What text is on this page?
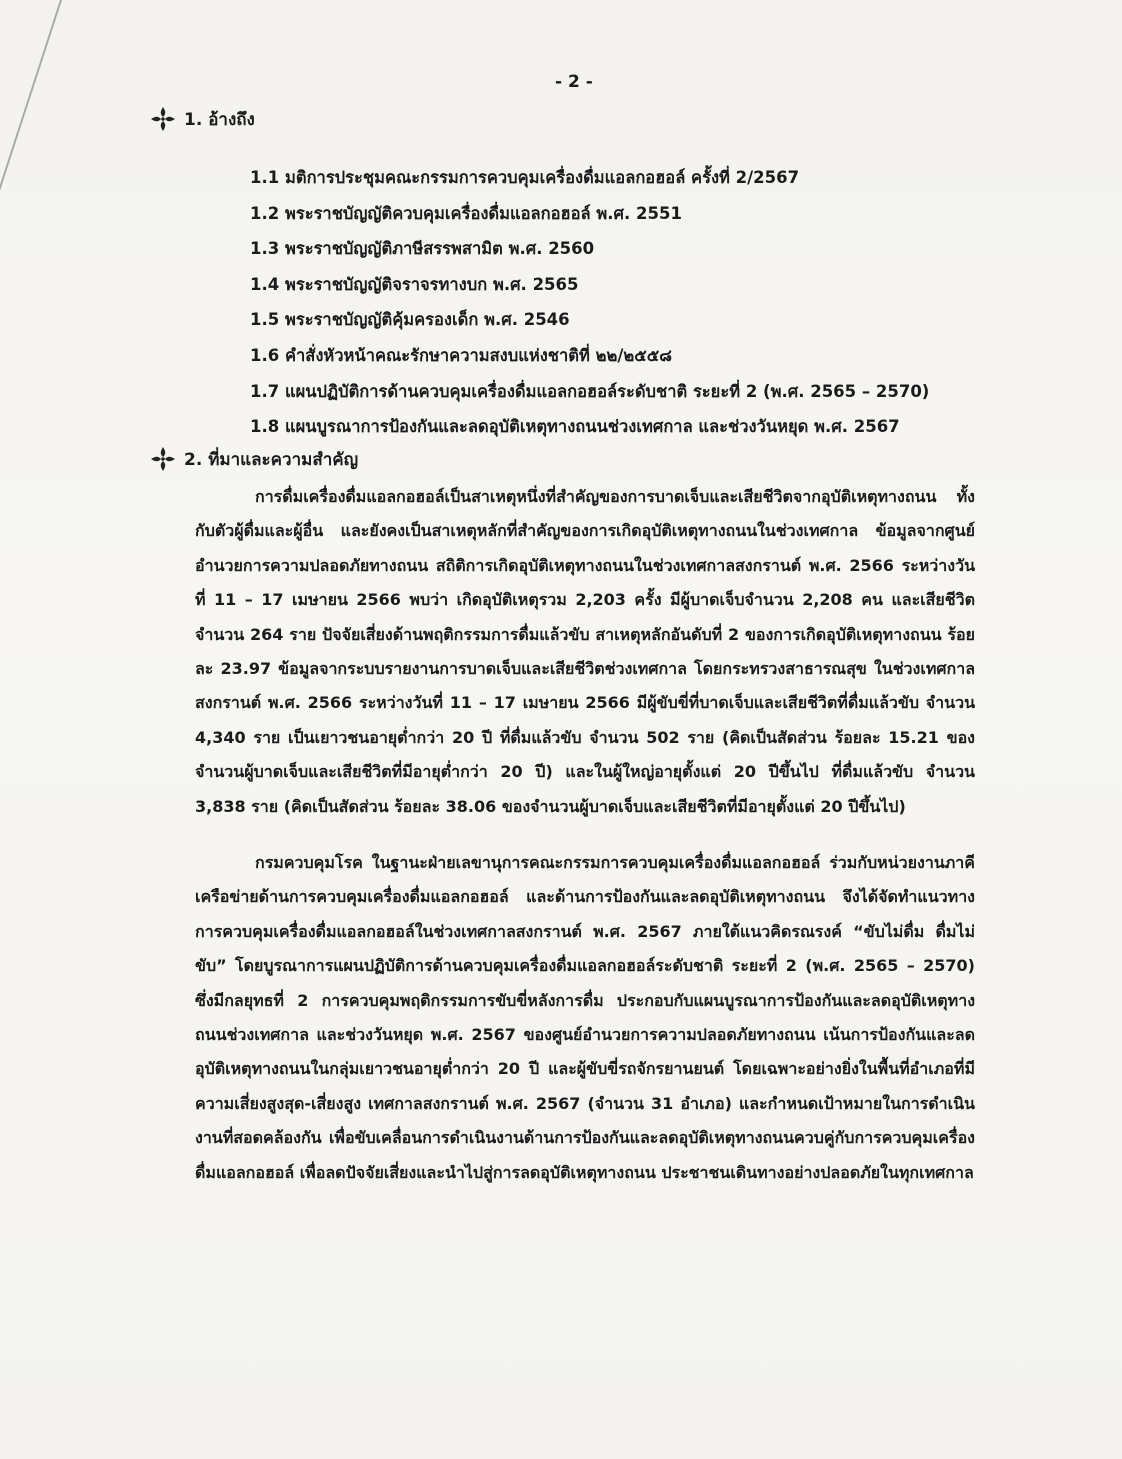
- 2 -
1. อ้างถึง
1.1 มติการประชุมคณะกรรมการควบคุมเครื่องดื่มแอลกอฮอล์ ครั้งที่ 2/2567
1.2 พระราชบัญญัติควบคุมเครื่องดื่มแอลกอฮอล์ พ.ศ. 2551
1.3 พระราชบัญญัติภาษีสรรพสามิต พ.ศ. 2560
1.4 พระราชบัญญัติจราจรทางบก พ.ศ. 2565
1.5 พระราชบัญญัติคุ้มครองเด็ก พ.ศ. 2546
1.6 คำสั่งหัวหน้าคณะรักษาความสงบแห่งชาติที่ ๒๒/๒๕๕๘
1.7 แผนปฏิบัติการด้านควบคุมเครื่องดื่มแอลกอฮอล์ระดับชาติ ระยะที่ 2 (พ.ศ. 2565 – 2570)
1.8 แผนบูรณาการป้องกันและลดอุบัติเหตุทางถนนช่วงเทศกาล และช่วงวันหยุด พ.ศ. 2567
2. ที่มาและความสำคัญ
การดื่มเครื่องดื่มแอลกอฮอล์เป็นสาเหตุหนึ่งที่สำคัญของการบาดเจ็บและเสียชีวิตจากอุบัติเหตุทางถนน ทั้งกับตัวผู้ดื่มและผู้อื่น และยังคงเป็นสาเหตุหลักที่สำคัญของการเกิดอุบัติเหตุทางถนนในช่วงเทศกาล ข้อมูลจากศูนย์อำนวยการความปลอดภัยทางถนน สถิติการเกิดอุบัติเหตุทางถนนในช่วงเทศกาลสงกรานต์ พ.ศ. 2566 ระหว่างวันที่ 11 – 17 เมษายน 2566 พบว่า เกิดอุบัติเหตุรวม 2,203 ครั้ง มีผู้บาดเจ็บจำนวน 2,208 คน และเสียชีวิตจำนวน 264 ราย ปัจจัยเสี่ยงด้านพฤติกรรมการดื่มแล้วขับ สาเหตุหลักอันดับที่ 2 ของการเกิดอุบัติเหตุทางถนน ร้อยละ 23.97 ข้อมูลจากระบบรายงานการบาดเจ็บและเสียชีวิตช่วงเทศกาล โดยกระทรวงสาธารณสุข ในช่วงเทศกาลสงกรานต์ พ.ศ. 2566 ระหว่างวันที่ 11 – 17 เมษายน 2566 มีผู้ขับขี่ที่บาดเจ็บและเสียชีวิตที่ดื่มแล้วขับ จำนวน 4,340 ราย เป็นเยาวชนอายุต่ำกว่า 20 ปี ที่ดื่มแล้วขับ จำนวน 502 ราย (คิดเป็นสัดส่วน ร้อยละ 15.21 ของจำนวนผู้บาดเจ็บและเสียชีวิตที่มีอายุต่ำกว่า 20 ปี) และในผู้ใหญ่อายุตั้งแต่ 20 ปีขึ้นไป ที่ดื่มแล้วขับ จำนวน 3,838 ราย (คิดเป็นสัดส่วน ร้อยละ 38.06 ของจำนวนผู้บาดเจ็บและเสียชีวิตที่มีอายุตั้งแต่ 20 ปีขึ้นไป)
กรมควบคุมโรค ในฐานะฝ่ายเลขานุการคณะกรรมการควบคุมเครื่องดื่มแอลกอฮอล์ ร่วมกับหน่วยงานภาคีเครือข่ายด้านการควบคุมเครื่องดื่มแอลกอฮอล์ และด้านการป้องกันและลดอุบัติเหตุทางถนน จึงได้จัดทำแนวทางการควบคุมเครื่องดื่มแอลกอฮอล์ในช่วงเทศกาลสงกรานต์ พ.ศ. 2567 ภายใต้แนวคิดรณรงค์ “ขับไม่ดื่ม ดื่มไม่ขับ” โดยบูรณาการแผนปฏิบัติการด้านควบคุมเครื่องดื่มแอลกอฮอล์ระดับชาติ ระยะที่ 2 (พ.ศ. 2565 – 2570) ซึ่งมีกลยุทธที่ 2 การควบคุมพฤติกรรมการขับขี่หลังการดื่ม ประกอบกับแผนบูรณาการป้องกันและลดอุบัติเหตุทางถนนช่วงเทศกาล และช่วงวันหยุด พ.ศ. 2567 ของศูนย์อำนวยการความปลอดภัยทางถนน เน้นการป้องกันและลดอุบัติเหตุทางถนนในกลุ่มเยาวชนอายุต่ำกว่า 20 ปี และผู้ขับขี่รถจักรยานยนต์ โดยเฉพาะอย่างยิ่งในพื้นที่อำเภอที่มีความเสี่ยงสูงสุด-เสี่ยงสูง เทศกาลสงกรานต์ พ.ศ. 2567 (จำนวน 31 อำเภอ) และกำหนดเป้าหมายในการดำเนินงานที่สอดคล้องกัน เพื่อขับเคลื่อนการดำเนินงานด้านการป้องกันและลดอุบัติเหตุทางถนนควบคู่กับการควบคุมเครื่องดื่มแอลกอฮอล์ เพื่อลดปัจจัยเสี่ยงและนำไปสู่การลดอุบัติเหตุทางถนน ประชาชนเดินทางอย่างปลอดภัยในทุกเทศกาล
